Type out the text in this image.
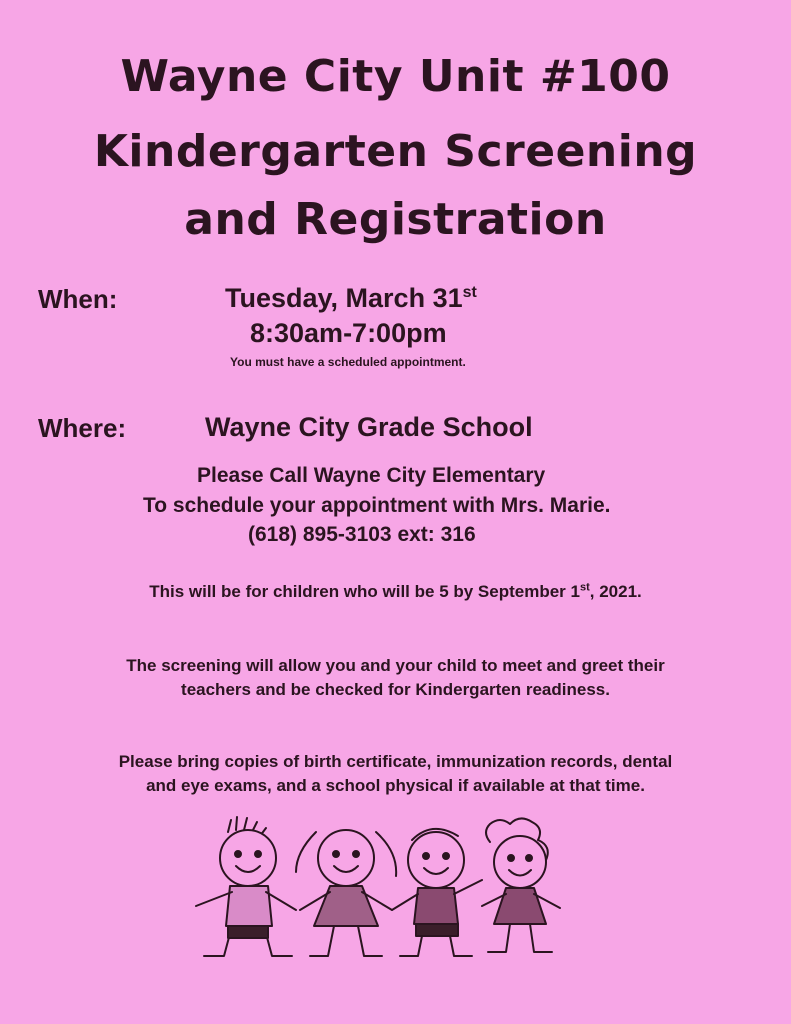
Wayne City Unit #100
Kindergarten Screening
and Registration
When:	Tuesday, March 31st
8:30am-7:00pm
You must have a scheduled appointment.
Where:	Wayne City Grade School
Please Call Wayne City Elementary
To schedule your appointment with Mrs. Marie.
(618) 895-3103 ext: 316
This will be for children who will be 5 by September 1st, 2021.
The screening will allow you and your child to meet and greet their
teachers and be checked for Kindergarten readiness.
Please bring copies of birth certificate, immunization records, dental
and eye exams, and a school physical if available at that time.
